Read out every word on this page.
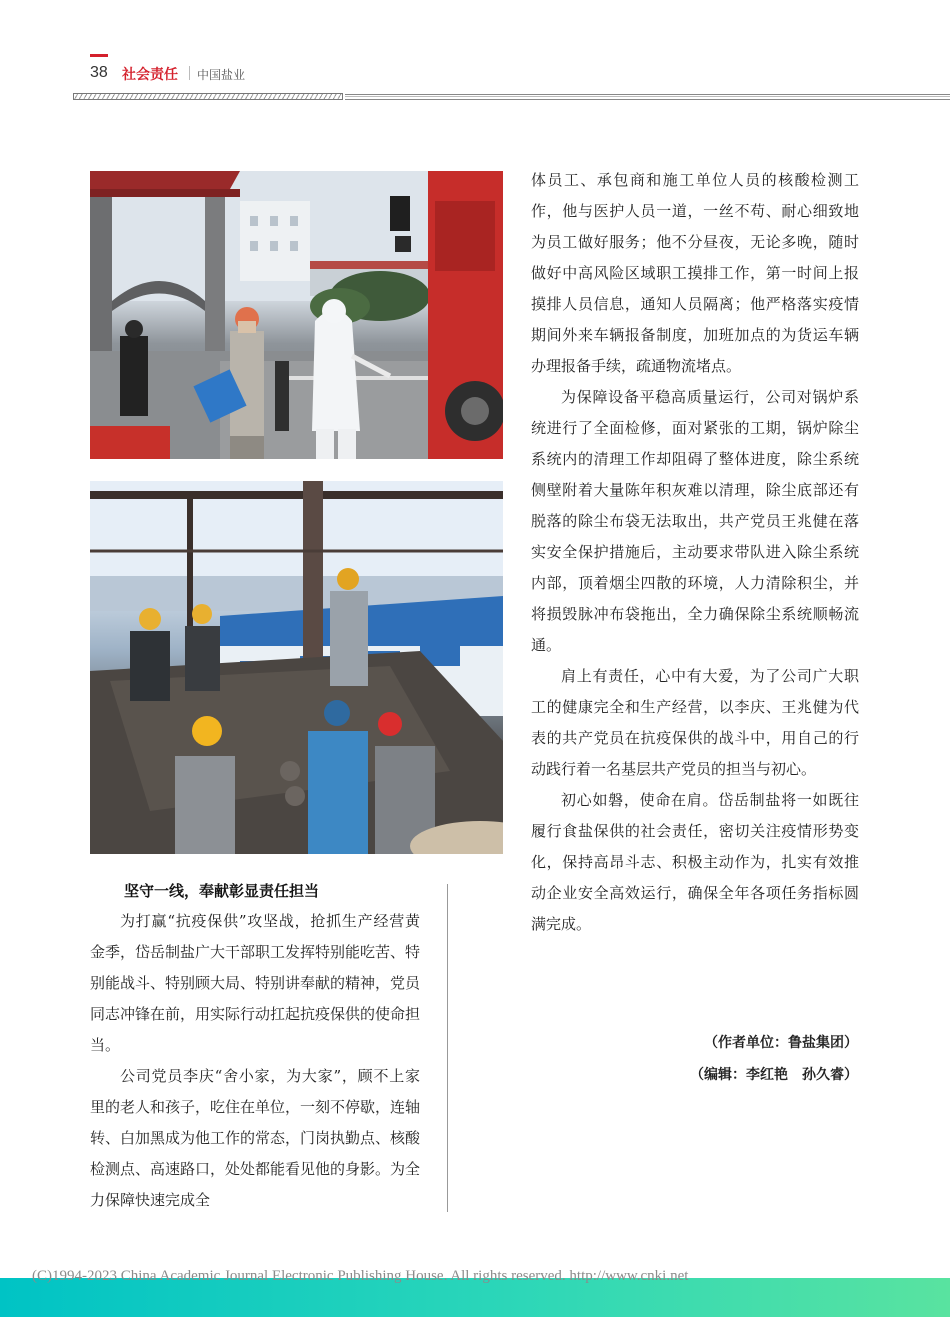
38 社会责任 中国盐业
坚守一线，奉献彰显责任担当

为打赢“抗疫保供”攻坚战，抢抓生产经营黄金季，岱岳制盐广大干部职工发挥特别能吃苦、特别能战斗、特别顾大局、特别讲奉献的精神，党员同志冲锋在前，用实际行动扛起抗疫保供的使命担当。

公司党员李庆“舍小家，为大家”，顾不上家里的老人和孩子，吃住在单位，一刻不停歇，连轴转、白加黑成为他工作的常态，门岗执勤点、核酸检测点、高速路口，处处都能看见他的身影。为全力保障快速完成全

体员工、承包商和施工单位人员的核酸检测工作，他与医护人员一道，一丝不苟、耐心细致地为员工做好服务；他不分昼夜，无论多晚，随时做好中高风险区域职工摸排工作，第一时间上报摸排人员信息，通知人员隔离；他严格落实疫情期间外来车辆报备制度，加班加点的为货运车辆办理报备手续，疏通物流堵点。

为保障设备平稳高质量运行，公司对锅炉系统进行了全面检修，面对紧张的工期，锅炉除尘系统内的清理工作却阻碍了整体进度，除尘系统侧壁附着大量陈年积灰难以清理，除尘底部还有脱落的除尘布袋无法取出，共产党员王兆健在落实安全保护措施后，主动要求带队进入除尘系统内部，顶着烟尘四散的环境，人力清除积尘，并将损毁脉冲布袋拖出，全力确保除尘系统顺畅流通。

肩上有责任，心中有大爱，为了公司广大职工的健康完全和生产经营，以李庆、王兆健为代表的共产党员在抗疫保供的战斗中，用自己的行动践行着一名基层共产党员的担当与初心。

初心如磐，使命在肩。岱岳制盐将一如既往履行食盐保供的社会责任，密切关注疫情形势变化，保持高昂斗志、积极主动作为，扎实有效推动企业安全高效运行，确保全年各项任务指标圆满完成。

（作者单位：鲁盐集团）
（编辑：李红艳　孙久睿）
(C)1994-2023 China Academic Journal Electronic Publishing House. All rights reserved. http://www.cnki.net
